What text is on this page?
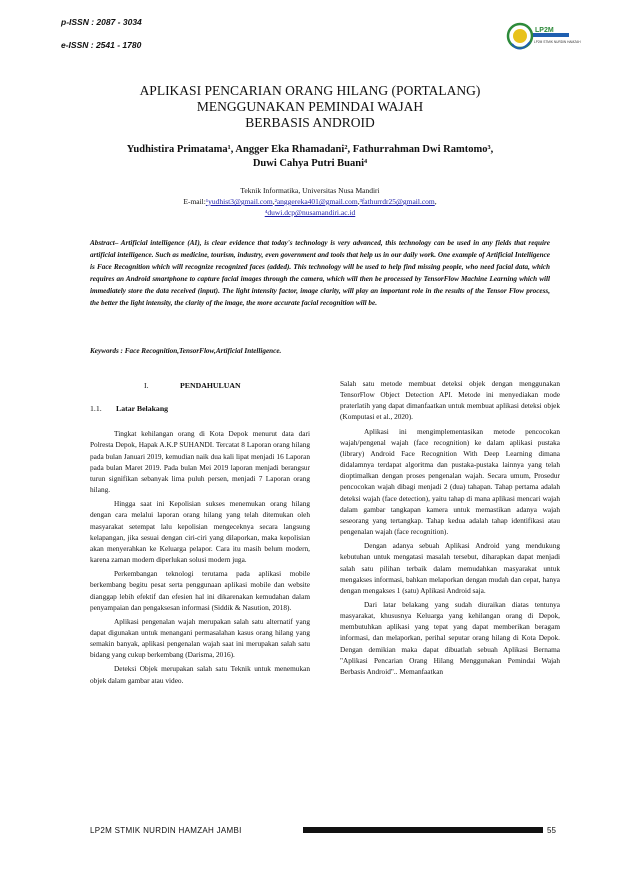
p-ISSN : 2087 - 3034
e-ISSN : 2541 - 1780
LP2M
LP2M STMIK NURDIN HAMZAH
APLIKASI PENCARIAN ORANG HILANG (PORTALANG)
MENGGUNAKAN PEMINDAI WAJAH
BERBASIS ANDROID
Yudhistira Primatama¹, Angger Eka Rhamadani², Fathurrahman Dwi Ramtomo³,
Duwi Cahya Putri Buani⁴
Teknik Informatika, Universitas Nusa Mandiri
E-mail:¹yudhist3@gmail.com,²anggereka401@gmail.com,³fathurrdr25@gmail.com,
⁴duwi.dcp@nusamandiri.ac.id
Abstract– Artificial intelligence (AI), is clear evidence that today's technology is very advanced, this technology can be used in any fields that require artificial intelligence. Such as medicine, tourism, industry, even government and tools that help us in our daily work. One example of Artificial Intelligence is Face Recognition which will recognize recognized faces (added). This technology will be used to help find missing people, who need facial data, which requires an Android smartphone to capture facial images through the camera, which will then be processed by TensorFlow Machine Learning which will immediately store the data received (input). The light intensity factor, image clarity, will play an important role in the results of the Tensor Flow process, the better the light intensity, the clarity of the image, the more accurate facial recognition will be.
Keywords : Face Recognition,TensorFlow,Artificial Intelligence.
I.	PENDAHULUAN
1.1. Latar Belakang

Tingkat kehilangan orang di Kota Depok menurut data dari Polresta Depok, Hapak A.K.P SUHANDI. Tercatat 8 Laporan orang hilang pada bulan Januari 2019, kemudian naik dua kali lipat menjadi 16 Laporan pada bulan Maret 2019. Pada bulan Mei 2019 laporan menjadi berangsur turun signifikan sebanyak lima puluh persen, menjadi 7 Laporan orang hilang.

Hingga saat ini Kepolisian sukses menemukan orang hilang dengan cara melalui laporan orang hilang yang telah ditemukan oleh masyarakat setempat lalu kepolisian mengeceknya secara langsung kelapangan, jika sesuai dengan ciri-ciri yang dilaporkan, maka kepolisian akan menyerahkan ke Keluarga pelapor. Cara itu masih belum modern, karena zaman modern diperlukan solusi modern juga.

Perkembangan teknologi terutama pada aplikasi mobile berkembang begitu pesat serta penggunaan aplikasi mobile dan website dianggap lebih efektif dan efesien hal ini dikarenakan kemudahan dalam penyampaian dan pengaksesan informasi (Siddik & Nasution, 2018).

Aplikasi pengenalan wajah merupakan salah satu alternatif yang dapat digunakan untuk menangani permasalahan kasus orang hilang yang semakin banyak, aplikasi pengenalan wajah saat ini merupakan salah satu bidang yang cukup berkembang (Darisma, 2016).

Deteksi Objek merupakan salah satu Teknik untuk menemukan objek dalam gambar atau video.

Salah satu metode membuat deteksi objek dengan menggunakan TensorFlow Object Detection API. Metode ini menyediakan mode praterlatih yang dapat dimanfaatkan untuk membuat aplikasi deteksi objek (Komputasi et al., 2020).

Aplikasi ini mengimplementasikan metode pencocokan wajah/pengenal wajah (face recognition) ke dalam aplikasi pustaka (library) Android Face Recognition With Deep Learning dimana didalamnya terdapat algoritma dan pustaka-pustaka lainnya yang telah dioptimalkan dengan proses pengenalan wajah. Secara umum, Prosedur pencocokan wajah dibagi menjadi 2 (dua) tahapan. Tahap pertama adalah deteksi wajah (face detection), yaitu tahap di mana aplikasi mencari wajah dalam gambar tangkapan kamera untuk memastikan adanya wajah seseorang yang tertangkap. Tahap kedua adalah tahap identifikasi atau pengenalan wajah (face recognition).

Dengan adanya sebuah Aplikasi Android yang mendukung kebutuhan untuk mengatasi masalah tersebut, diharapkan dapat menjadi salah satu pilihan terbaik dalam memudahkan masyarakat untuk mengakses informasi, bahkan melaporkan dengan mudah dan cepat, hanya dengan mengakses 1 (satu) Aplikasi Android saja.

Dari latar belakang yang sudah diuraikan diatas tentunya masyarakat, khususnya Keluarga yang kehilangan orang di Depok, membutuhkan aplikasi yang tepat yang dapat memberikan beragam informasi, dan melaporkan, perihal seputar orang hilang di Kota Depok. Dengan demikian maka dapat dibuatlah sebuah Aplikasi Bernama "Aplikasi Pencarian Orang Hilang Menggunakan Pemindai Wajah Berbasis Android".. Memanfaatkan

LP2M STMIK NURDIN HAMZAH JAMBI	55
